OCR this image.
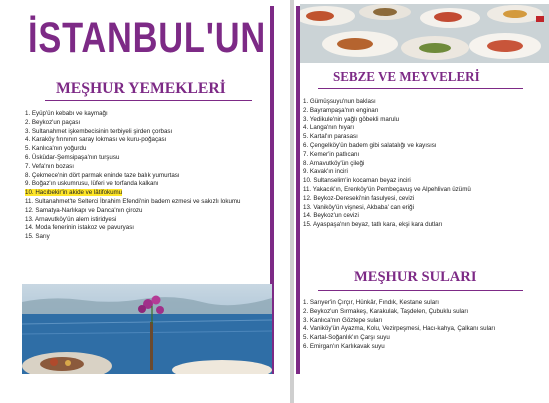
İSTANBUL'UN
MEŞHUR YEMEKLERİ
1. Eyüp'ün kebabı ve kaymağı
2. Beykoz'un paçası
3. Sultanahmet işkembecisinin terbiyeli şirden çorbası
4. Karaköy fırınının saray lokması ve kuru-poğaçası
5. Kanlıca'nın yoğurdu
6. Üsküdar-Şemsipaşa'nın turşusu
7. Vefa'nın bozası
8. Çekmece'nin dört parmak eninde taze balık yumurtası
9. Boğaz'ın uskumrusu, lüferi ve torfanda kalkanı
10. Hacıbekir'in akide ve lâtifokumu
11. Sultanahmet'te Selterci İbrahim Efendi'nin badem ezmesi ve sakızlı lokumu
12. Samatya-Narlıkapı ve Danca'nın çirozu
13. Arnavutköy'ün alem istiridyesi
14. Moda fenerinin istakoz ve pavuryası
15. Sarıy
SEBZE VE MEYVELERİ
1. Gümüşsuyu'nun baklası
2. Bayrampaşa'nın enginarı
3. Yedikule'nin yağlı göbekli marulu
4. Langa'nın hıyarı
5. Kartal'ın parasası
6. Çengelköy'ün badem gibi salatalığı ve kayısısı
7. Kemer'in patlıcanı
8. Arnavutköy'ün çileği
9. Kavak'ın inciri
10. Sultanselim'in kocaman beyaz inciri
11. Yakacık'ın, Erenköy'ün Pembeçavuş ve Alpehlivan üzümü
12. Beykoz-Dereseki'nin fasulyesi, cevizi
13. Vaniköy'ün vişnesi, Akbaba' can eriği
14. Beykoz'un cevizi
15. Ayaspaşa'nın beyaz, tatlı kara, ekşi kara dutları
MEŞHUR SULARI
1. Sarıyer'in Çırçır, Hünkâr, Fındık, Kestane suları
2. Beykoz'un Sırmakeş, Karakulak, Taşdelen, Çubuklu suları
3. Kanlıca'nın Göztepe suları
4. Vaniköy'ün Ayazma, Kolu, Vezirpeşmesi, Hacı-kahya, Çalkanı suları
5. Kartal-Soğanlık'ın Çarşı suyu
6. Emirgan'ın Karlıkavak suyu
